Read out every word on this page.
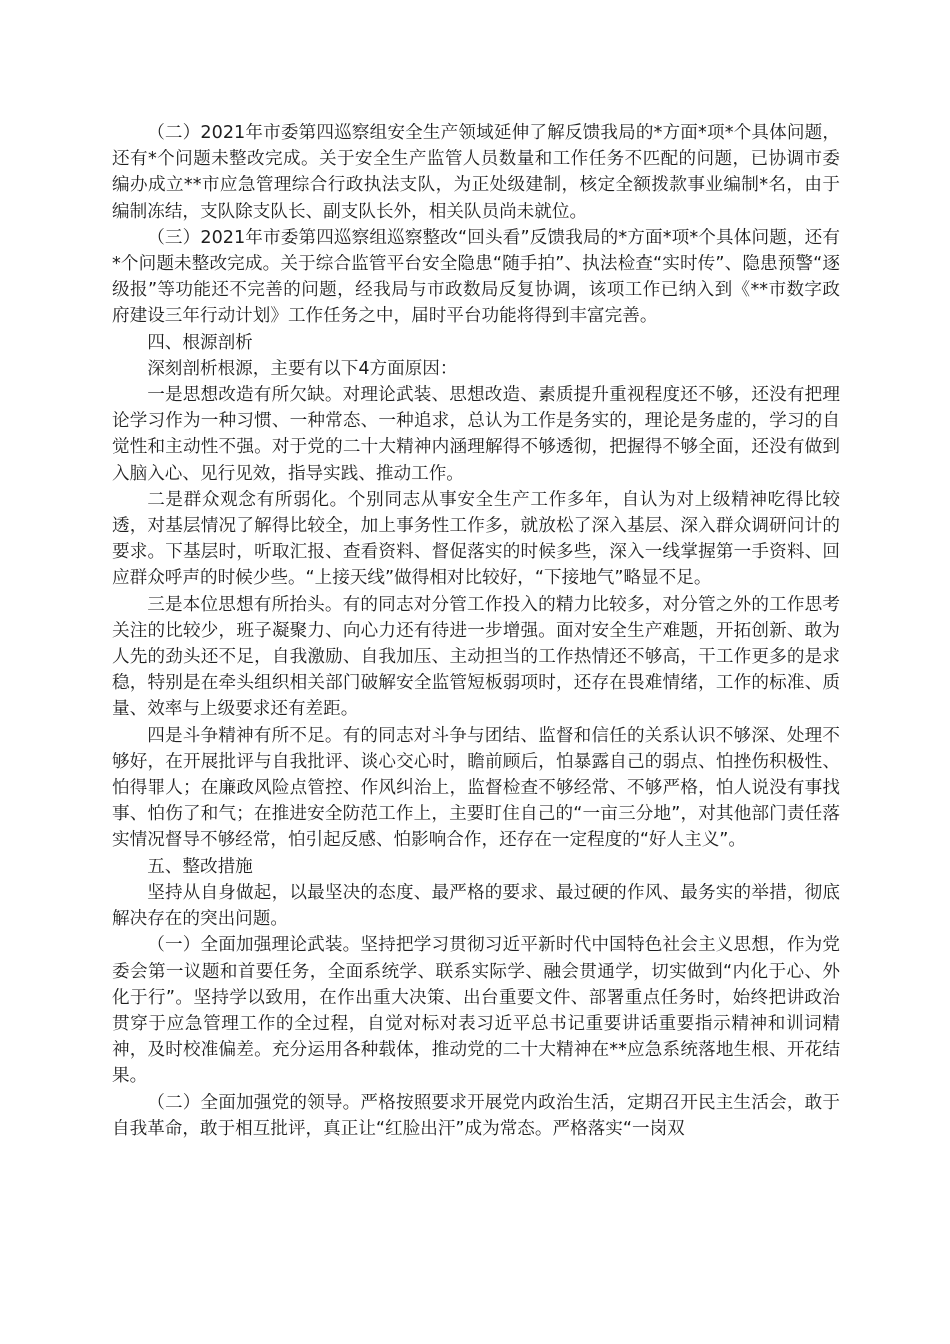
（二）2021年市委第四巡察组安全生产领域延伸了解反馈我局的*方面*项*个具体问题，还有*个问题未整改完成。关于安全生产监管人员数量和工作任务不匹配的问题，已协调市委编办成立**市应急管理综合行政执法支队，为正处级建制，核定全额拨款事业编制*名，由于编制冻结，支队除支队长、副支队长外，相关队员尚未就位。

（三）2021年市委第四巡察组巡察整改“回头看”反馈我局的*方面*项*个具体问题，还有*个问题未整改完成。关于综合监管平台安全隐患“随手拍”、执法检查“实时传”、隐患预警“逐级报”等功能还不完善的问题，经我局与市政数局反复协调，该项工作已纳入到《**市数字政府建设三年行动计划》工作任务之中，届时平台功能将得到丰富完善。

四、根源剖析

深刻剖析根源，主要有以下4方面原因：

一是思想改造有所欠缺。对理论武装、思想改造、素质提升重视程度还不够，还没有把理论学习作为一种习惯、一种常态、一种追求，总认为工作是务实的，理论是务虚的，学习的自觉性和主动性不强。对于党的二十大精神内涵理解得不够透彻，把握得不够全面，还没有做到入脑入心、见行见效，指导实践、推动工作。

二是群众观念有所弱化。个别同志从事安全生产工作多年，自认为对上级精神吃得比较透，对基层情况了解得比较全，加上事务性工作多，就放松了深入基层、深入群众调研问计的要求。下基层时，听取汇报、查看资料、督促落实的时候多些，深入一线掌握第一手资料、回应群众呼声的时候少些。“上接天线”做得相对比较好，“下接地气”略显不足。

三是本位思想有所抬头。有的同志对分管工作投入的精力比较多，对分管之外的工作思考关注的比较少，班子凝聚力、向心力还有待进一步增强。面对安全生产难题，开拓创新、敢为人先的劲头还不足，自我激励、自我加压、主动担当的工作热情还不够高，干工作更多的是求稳，特别是在牵头组织相关部门破解安全监管短板弱项时，还存在畏难情绪，工作的标准、质量、效率与上级要求还有差距。

四是斗争精神有所不足。有的同志对斗争与团结、监督和信任的关系认识不够深、处理不够好，在开展批评与自我批评、谈心交心时，瞻前顾后，怕暴露自己的弱点、怕挫伤积极性、怕得罪人；在廉政风险点管控、作风纠治上，监督检查不够经常、不够严格，怕人说没有事找事、怕伤了和气；在推进安全防范工作上，主要盯住自己的“一亩三分地”，对其他部门责任落实情况督导不够经常，怕引起反感、怕影响合作，还存在一定程度的“好人主义”。

五、整改措施

坚持从自身做起，以最坚决的态度、最严格的要求、最过硬的作风、最务实的举措，彻底解决存在的突出问题。

（一）全面加强理论武装。坚持把学习贯彻习近平新时代中国特色社会主义思想，作为党委会第一议题和首要任务，全面系统学、联系实际学、融会贯通学，切实做到“内化于心、外化于行”。坚持学以致用，在作出重大决策、出台重要文件、部署重点任务时，始终把讲政治贯穿于应急管理工作的全过程，自觉对标对表习近平总书记重要讲话重要指示精神和训词精神，及时校准偏差。充分运用各种载体，推动党的二十大精神在**应急系统落地生根、开花结果。

（二）全面加强党的领导。严格按照要求开展党内政治生活，定期召开民主生活会，敢于自我革命，敢于相互批评，真正让“红脸出汗”成为常态。严格落实“一岗双
